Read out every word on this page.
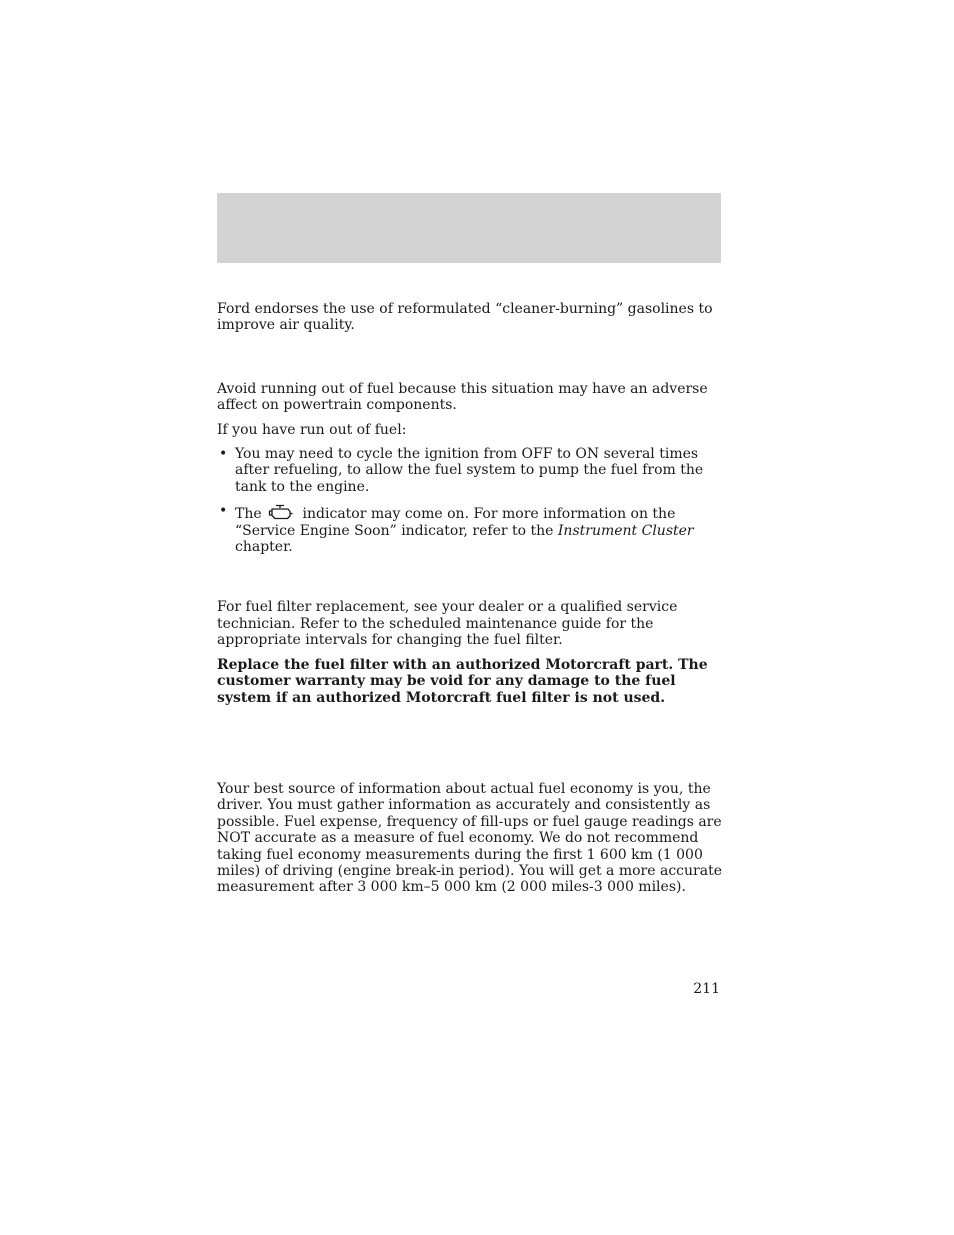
Ford endorses the use of reformulated “cleaner-burning” gasolines to improve air quality.

Avoid running out of fuel because this situation may have an adverse affect on powertrain components.

If you have run out of fuel:

• You may need to cycle the ignition from OFF to ON several times after refueling, to allow the fuel system to pump the fuel from the tank to the engine.
• The	indicator may come on. For more information on the “Service Engine Soon” indicator, refer to the Instrument Cluster chapter.

For fuel filter replacement, see your dealer or a qualified service technician. Refer to the scheduled maintenance guide for the appropriate intervals for changing the fuel filter.

Replace the fuel filter with an authorized Motorcraft part. The customer warranty may be void for any damage to the fuel system if an authorized Motorcraft fuel filter is not used.

Your best source of information about actual fuel economy is you, the driver. You must gather information as accurately and consistently as possible. Fuel expense, frequency of fill-ups or fuel gauge readings are NOT accurate as a measure of fuel economy. We do not recommend taking fuel economy measurements during the first 1 600 km (1 000 miles) of driving (engine break-in period). You will get a more accurate measurement after 3 000 km–5 000 km (2 000 miles-3 000 miles).

211
